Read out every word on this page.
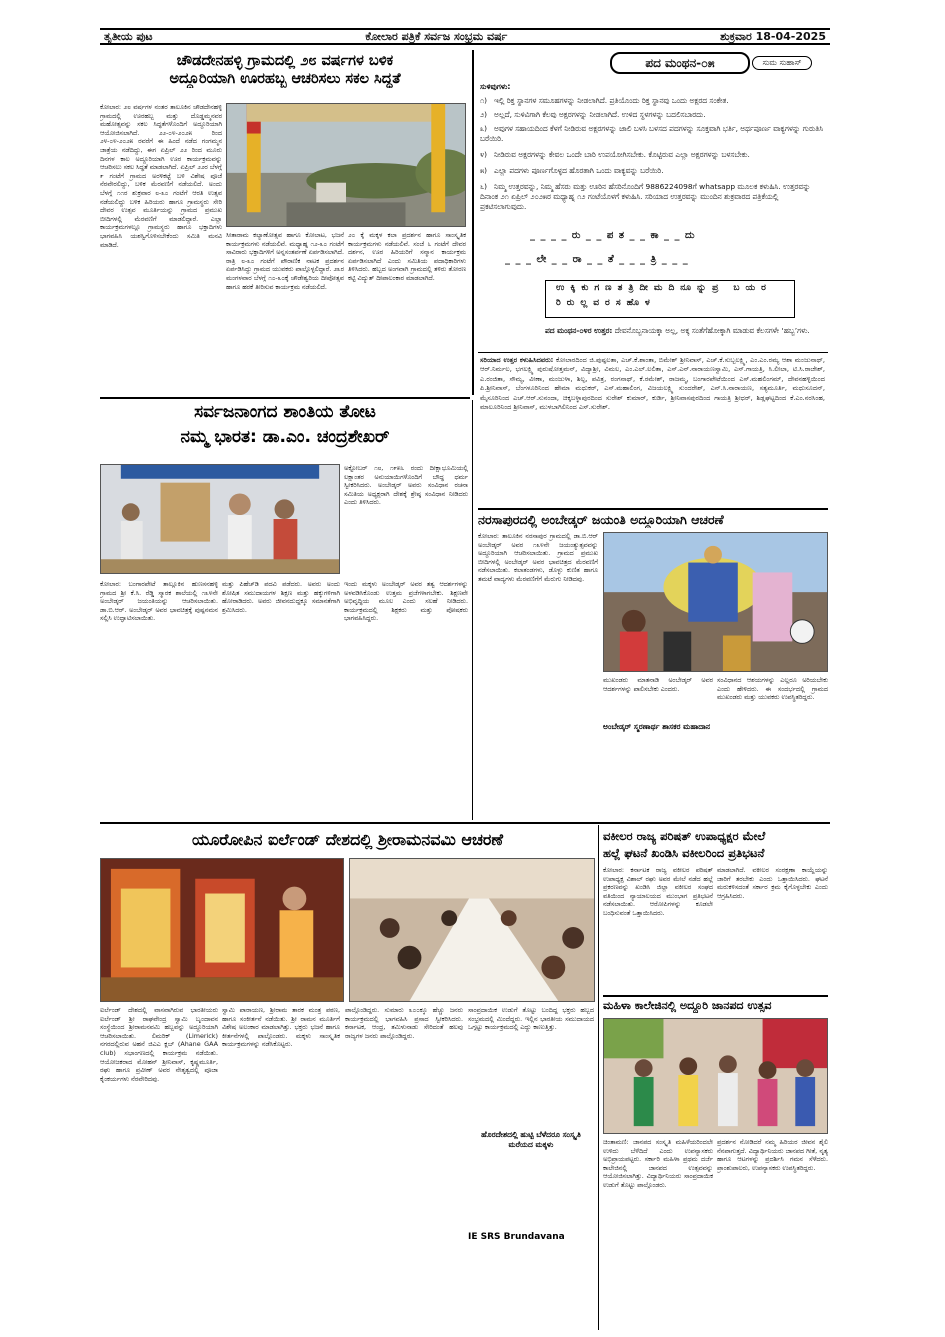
ತೃತೀಯ ಪುಟ	ಕೋಲಾರ ಪತ್ರಿಕೆ ಸರ್ವಜ ಸಂಭ್ರಮ ವರ್ಷ	ಶುಕ್ರವಾರ 18-04-2025
ಚೌಡದೇನಹಳ್ಳಿ ಗ್ರಾಮದಲ್ಲಿ ೨೮ ವರ್ಷಗಳ ಬಳಿಕ
ಅದ್ದೂರಿಯಾಗಿ ಊರಹಬ್ಬ ಆಚರಿಸಲು ಸಕಲ ಸಿದ್ಧತೆ
ಕೋಲಾರ: ೨೮ ವರ್ಷಗಳ ನಂತರ ತಾಲೂಕಿನ ಚೌಡದೇನಹಳ್ಳಿ ಗ್ರಾಮದಲ್ಲಿ ಊರಹಬ್ಬ ಮತ್ತು ದೊಡ್ಡಮ್ಮನವರ ಮಹೋತ್ಸವನ್ನು ಸಕಲ ಸಿದ್ಧತೆಗಳೊಂದಿಗೆ ಅದ್ದೂರಿಯಾಗಿ ಆಯೋಜಿಸಲಾಗಿದೆ. ೨೨-೦೪-೨೦೨೫ ರಿಂದ ೨೪-೦೪-೨೦೨೫ ರವರೆಗೆ ಈ ಹಿಂದೆ ನಡೆದ ಗಂಗಮ್ಮನ ಜಾತ್ರೆಯ ನಡೆದಿದ್ದು, ಈಗ ಏಪ್ರಿಲ್ ೨೨ ರಿಂದ ಮೂರು ದಿನಗಳ ಕಾಲ ಅದ್ದೂರಿಯಾಗಿ ಊರ ಕಾರ್ಯಕ್ರಮವನ್ನು ಆಚರಿಸಲು ಸಕಲ ಸಿದ್ಧತೆ ಮಾಡಲಾಗಿದೆ. ಏಪ್ರಿಲ್ ೨೨ರ ಬೆಳಗ್ಗೆ ೯ ಗಂಟೆಗೆ ಗ್ರಾಮದ ಅರಳಿಕಟ್ಟೆ ಬಳಿ ವಿಶೇಷ ಪೂಜೆ ನೆರವೇರಲಿದ್ದು, ಬಳಿಕ ಮೆರವಣಿಗೆ ನಡೆಯಲಿದೆ. ಅಂದು ಬೆಳಗ್ಗೆ ೧೧ರ ಶುಕ್ರವಾರ ೮-೩೦ ಗಂಟೆಗೆ ಆರತಿ ಉತ್ಸವ ನಡೆಯಲಿದ್ದು ಬಳಿಕ ಹಿರಿಯರು ಹಾಗೂ ಗ್ರಾಮಸ್ಥರು ಸೇರಿ ದೇವರ ಉತ್ಸವ ಮೂರ್ತಿಯನ್ನು ಗ್ರಾಮದ ಪ್ರಮುಖ ಬೀದಿಗಳಲ್ಲಿ ಮೆರವಣಿಗೆ ಮಾಡಲಿದ್ದಾರೆ. ಎಲ್ಲಾ ಕಾರ್ಯಕ್ರಮಗಳಲ್ಲೂ ಗ್ರಾಮಸ್ಥರು ಹಾಗೂ ಭಕ್ತಾದಿಗಳು ಭಾಗವಹಿಸಿ ಯಶಸ್ವಿಗೊಳಿಸಬೇಕೆಂದು ಸಮಿತಿ ಮನವಿ ಮಾಡಿದೆ.
ಸೀತಾರಾಮ ಕಲ್ಯಾಣೋತ್ಸವ ಹಾಗೂ ಕೋಲಾಟ, ಭಜನೆ ಕಾರ್ಯಕ್ರಮಗಳು ನಡೆಯಲಿವೆ. ಮಧ್ಯಾಹ್ನ ೧೨-೩೦ ಗಂಟೆಗೆ ಸಾವಿರಾರು ಭಕ್ತಾದಿಗಳಿಗೆ ಅನ್ನಸಂತರ್ಪಣೆ ಏರ್ಪಡಿಸಲಾಗಿದೆ. ರಾತ್ರಿ ೮-೩೦ ಗಂಟೆಗೆ ಪೌರಾಣಿಕ ನಾಟಕ ಪ್ರದರ್ಶನ ಏರ್ಪಡಿಸಿದ್ದು ಗ್ರಾಮದ ಯುವಕರು ಪಾಲ್ಗೊಳ್ಳಲಿದ್ದಾರೆ. ೨೩ರ ಮಂಗಳವಾರ ಬೆಳಗ್ಗೆ ೧೦-೩೦ಕ್ಕೆ ಚೌಡೇಶ್ವರಿಯ ದೀಪೋತ್ಸವ ಹಾಗೂ ಹರಕೆ ತೀರಿಸುವ ಕಾರ್ಯಕ್ರಮ ನಡೆಯಲಿದೆ.
೨೦ ಕ್ಕೆ ಮಕ್ಕಳ ಕಲಾ ಪ್ರದರ್ಶನ ಹಾಗೂ ಸಾಂಸ್ಕೃತಿಕ ಕಾರ್ಯಕ್ರಮಗಳು ನಡೆಯಲಿವೆ. ಸಂಜೆ ೬ ಗಂಟೆಗೆ ದೇವರ ದರ್ಶನ, ಊರ ಹಿರಿಯರಿಗೆ ಸನ್ಮಾನ ಕಾರ್ಯಕ್ರಮ ಏರ್ಪಡಿಸಲಾಗಿದೆ ಎಂದು ಸಮಿತಿಯ ಪದಾಧಿಕಾರಿಗಳು ತಿಳಿಸಿದರು. ಹಬ್ಬದ ಅಂಗವಾಗಿ ಗ್ರಾಮದಲ್ಲಿ ತಳಿರು ತೋರಣ ಕಟ್ಟಿ ವಿದ್ಯುತ್ ದೀಪಾಲಂಕಾರ ಮಾಡಲಾಗಿದೆ.
ಸರ್ವಜನಾಂಗದ ಶಾಂತಿಯ ತೋಟ
ನಮ್ಮ ಭಾರತ: ಡಾ.ಎಂ. ಚಂದ್ರಶೇಖರ್
ಅಕ್ಟೋಬರ್ ೧೮, ೧೯೫೬ ರಂದು ದೀಕ್ಷಾಭೂಮಿಯಲ್ಲಿ ಲಕ್ಷಾಂತರ ಅನುಯಾಯಿಗಳೊಂದಿಗೆ ಬೌದ್ಧ ಧರ್ಮ ಸ್ವೀಕರಿಸಿದರು. ಅಂಬೇಡ್ಕರ್ ಅವರು ಸಂವಿಧಾನ ರಚನಾ ಸಮಿತಿಯ ಅಧ್ಯಕ್ಷರಾಗಿ ದೇಶಕ್ಕೆ ಶ್ರೇಷ್ಠ ಸಂವಿಧಾನ ನೀಡಿದರು ಎಂದು ತಿಳಿಸಿದರು.
ಕೋಲಾರ: ಬಂಗಾರಪೇಟೆ ತಾಲ್ಲೂಕಿನ ಹುಣಸನಹಳ್ಳಿ ಗ್ರಾಮದ ಶ್ರೀ ಕೆ.ಸಿ. ರೆಡ್ಡಿ ಸ್ಮಾರಕ ಶಾಲೆಯಲ್ಲಿ ೧೩೪ನೇ ಅಂಬೇಡ್ಕರ್ ಜಯಂತಿಯನ್ನು ಆಚರಿಸಲಾಯಿತು. ಡಾ.ಬಿ.ಆರ್. ಅಂಬೇಡ್ಕರ್ ಅವರ ಭಾವಚಿತ್ರಕ್ಕೆ ಪುಷ್ಪನಮನ ಸಲ್ಲಿಸಿ ಉದ್ಘಾಟಿಸಲಾಯಿತು.
ಮತ್ತು ಪಿಹೆಚ್‌ಡಿ ಪದವಿ ಪಡೆದರು. ಅವರು ಅಂದು ಶೋಷಿತ ಸಮುದಾಯಗಳ ಶಿಕ್ಷಣ ಮತ್ತು ಹಕ್ಕುಗಳಿಗಾಗಿ ಹೋರಾಡಿದರು. ಅವರು ಜೀವನದುದ್ದಕ್ಕೂ ಸಮಾನತೆಗಾಗಿ ಶ್ರಮಿಸಿದರು.
ಇಂದು ಮಕ್ಕಳು ಅಂಬೇಡ್ಕರ್ ಅವರ ತತ್ವ ಆದರ್ಶಗಳನ್ನು ಅಳವಡಿಸಿಕೊಂಡು ಉತ್ತಮ ಪ್ರಜೆಗಳಾಗಬೇಕು. ಶಿಕ್ಷಣವೇ ಅಭಿವೃದ್ಧಿಯ ಮೂಲ ಎಂದು ಸಲಹೆ ನೀಡಿದರು. ಕಾರ್ಯಕ್ರಮದಲ್ಲಿ ಶಿಕ್ಷಕರು ಮತ್ತು ಪೋಷಕರು ಭಾಗವಹಿಸಿದ್ದರು.
ಪದ ಮಂಥನ-೦೫	ಸುಮ ಸುಹಾಸ್
ಸುಳಿವುಗಳು:
೧) ಇಲ್ಲಿ ರಿಕ್ತ ಸ್ಥಾನಗಳ ಸಮೂಹಗಳನ್ನು ನೀಡಲಾಗಿದೆ. ಪ್ರತಿಯೊಂದು ರಿಕ್ತ ಸ್ಥಾನವು ಒಂದು ಅಕ್ಷರದ ಸಂಕೇತ.
೨) ಅಲ್ಲದೆ, ಸುಳಿವಿಗಾಗಿ ಕೆಲವು ಅಕ್ಷರಗಳನ್ನು ನೀಡಲಾಗಿದೆ. ಉಳಿದ ಸ್ಥಳಗಳನ್ನು ಬದಲಿಸಬಾರದು.
೩) ಅವುಗಳ ಸಹಾಯದಿಂದ ಕೆಳಗೆ ನೀಡಿರುವ ಅಕ್ಷರಗಳನ್ನು ಜಾಲಿ ಬಳಸಿ ಬಳಸದ ಪದಗಳನ್ನು ಸೂಕ್ತವಾಗಿ ಭರ್ತಿ, ಅರ್ಥಪೂರ್ಣ ವಾಕ್ಯಗಳನ್ನು ಗುರುತಿಸಿ ಬರೆಯಿರಿ.
೪) ನೀಡಿರುವ ಅಕ್ಷರಗಳನ್ನು ಕೇವಲ ಒಂದೇ ಬಾರಿ ಉಪಯೋಗಿಸಬೇಕು. ಕೊಟ್ಟಿರುವ ಎಲ್ಲಾ ಅಕ್ಷರಗಳನ್ನು ಬಳಸಬೇಕು.
೫) ಎಲ್ಲಾ ಪದಗಳು ಪೂರ್ಣಗೊಳ್ಳದ ಹೊರತಾಗಿ ಒಂದು ವಾಕ್ಯವನ್ನು ಬರೆಯಿರಿ.
೬) ನಿಮ್ಮ ಉತ್ತರವನ್ನು, ನಿಮ್ಮ ಹೆಸರು ಮತ್ತು ಊರಿನ ಹೆಸರಿನೊಂದಿಗೆ 9886224098ಗೆ whatsapp ಮೂಲಕ ಕಳುಹಿಸಿ. ಉತ್ತರವನ್ನು ದಿನಾಂಕ ೨೧ ಏಪ್ರಿಲ್ ೨೦೨೫ರ ಮಧ್ಯಾಹ್ನ ೧೨ ಗಂಟೆಯೊಳಗೆ ಕಳುಹಿಸಿ. ಸರಿಯಾದ ಉತ್ತರವನ್ನು ಮುಂದಿನ ಶುಕ್ರವಾರದ ಪತ್ರಿಕೆಯಲ್ಲಿ ಪ್ರಕಟಿಸಲಾಗುವುದು.
_ _ _ _ ರು _ _ ಪ ತ _ _ ಕಾ _ _ ದು
_ _ _ ಲೇ _ _ ರಾ _ _ ತೆ _ _ _ ತ್ರಿ _ _ _
ಉಕ್ಕಿಕುಗಣತತ್ರಿದೀಮದಿನೂನ್ನುಪ್ರ ಬಯರರಿರುಲ್ಲವರಸಹೊಳ
ಪದ ಮಂಥನ-೦೪ರ ಉತ್ತರ: ದೇವನೊಬ್ಬನಾಯಕ್ಕಾ ಅಲ್ಲ, ಅಕ್ಕ ಸಂತೆಗೆಹೋಕ್ಕಾಗಿ ಮಾಡುವ ಕೆಲಸಗಳೇ ‘ಹಬ್ಬ’ಗಳು.
ಸರಿಯಾದ ಉತ್ತರ ಕಳುಹಿಸಿದವರು: ಕೋಲಾರದಿಂದ ಜಿ.ಪುಷ್ಪಲತಾ, ಎಚ್.ಕೆ.ಶಾಂತಾ, ಬಿಮೇಶ್ ಶ್ರೀನಿವಾಸ್, ಎಚ್.ಕೆ.ಸುಬ್ಬಲಕ್ಷ್ಮಿ, ಎಂ.ಎಂ.ರಮ್ಯ ಆಶಾ ಮಂಜುನಾಥ್, ಆರ್.ನಿರ್ಮಲ, ಭಗಲಕ್ಷ್ಮಿ ಪುರುಷೋತ್ತಮನ್, ವಿದ್ಯಾಶ್ರೀ, ವಿಮಲ, ಎಂ.ಎಲ್.ಲಲಿತಾ, ಎಸ್.ಎನ್.ನಾರಾಯಣಸ್ವಾಮಿ, ಎಸ್.ಗಾಯತ್ರಿ, ಸಿ.ಲೀಲಾ, ಟಿ.ಸಿ.ರಾಜೇಶ್, ಎ.ರಂಜಿತಾ, ಸೌಮ್ಯ, ವೀಣಾ, ಮಂಜುಳಾ, ಶಿಲ್ಪ, ಪವಿತ್ರ, ರಂಗನಾಥ್, ಕೆ.ರಮೇಶ್, ರಾಜಮ್ಮ, ಬಂಗಾರಪೇಟೆಯಿಂದ ಎಸ್.ಮಹಲಿಂಗಮ್, ದೇವನಹಳ್ಳಿಯಿಂದ ಪಿ.ಶ್ರೀನಿವಾಸ್, ಬೆಂಗಳೂರಿನಿಂದ ಹೇಮಾ ಮಧುಕರ್, ಎಸ್.ಮಹಾಲಿಂಗ, ವಿಜಯಲಕ್ಷ್ಮಿ ಸುಂದರೇಶ್, ಎನ್.ಸಿ.ನಾರಾಯಣ, ಸತ್ಯಮೂರ್ತಿ, ಮಧುಸೂದನ್, ಮೈಸೂರಿನಿಂದ ಎಚ್.ಆರ್.ಸುನಂದಾ, ಚಿಕ್ಕಬಳ್ಳಾಪುರದಿಂದ ಸುರೇಶ್ ಕುಮಾರ್, ಕುರ್ಡಿ, ಶ್ರೀನಿವಾಸಪುರದಿಂದ ಗಾಯತ್ರಿ ಶ್ರೀಧರ್, ಶಿಡ್ಲಘಟ್ಟದಿಂದ ಕೆ.ಎಂ.ನರಸಿಂಹ, ಮಾಲೂರಿನಿಂದ ಶ್ರೀನಿವಾಸ್, ಮುಳಬಾಗಿಲಿನಿಂದ ಎಸ್.ಸುರೇಶ್.
ನರಸಾಪುರದಲ್ಲಿ ಅಂಬೇಡ್ಕರ್ ಜಯಂತಿ ಅದ್ದೂರಿಯಾಗಿ ಆಚರಣೆ
ಕೋಲಾರ: ತಾಲೂಕಿನ ನರಸಾಪುರ ಗ್ರಾಮದಲ್ಲಿ ಡಾ.ಬಿ.ಆರ್ ಅಂಬೇಡ್ಕರ್ ಅವರ ೧೩೪ನೇ ಜಯಂತ್ಯುತ್ಸವವನ್ನು ಅದ್ದೂರಿಯಾಗಿ ಆಚರಿಸಲಾಯಿತು. ಗ್ರಾಮದ ಪ್ರಮುಖ ಬೀದಿಗಳಲ್ಲಿ ಅಂಬೇಡ್ಕರ್ ಅವರ ಭಾವಚಿತ್ರದ ಮೆರವಣಿಗೆ ನಡೆಸಲಾಯಿತು. ಕಲಾತಂಡಗಳು, ಡೊಳ್ಳು ಕುಣಿತ ಹಾಗೂ ತಮಟೆ ವಾದ್ಯಗಳು ಮೆರವಣಿಗೆಗೆ ಮೆರುಗು ನೀಡಿದವು.
ಮುಖಂಡರು ಮಾತನಾಡಿ ಅಂಬೇಡ್ಕರ್ ಅವರ ಆದರ್ಶಗಳನ್ನು ಪಾಲಿಸಬೇಕು ಎಂದರು.
ಸಂವಿಧಾನದ ಆಶಯಗಳನ್ನು ಎಲ್ಲರೂ ಅರಿಯಬೇಕು ಎಂದು ಹೇಳಿದರು. ಈ ಸಂದರ್ಭದಲ್ಲಿ ಗ್ರಾಮದ ಮುಖಂಡರು ಮತ್ತು ಯುವಕರು ಉಪಸ್ಥಿತರಿದ್ದರು.
ಅಂಬೇಡ್ಕರ್ ಸ್ಮರಣಾರ್ಥ ಶಾಸಕರ ಮಹಾದಾನ
ಯೂರೋಪಿನ ಐರ್ಲೆಂಡ್ ದೇಶದಲ್ಲಿ ಶ್ರೀರಾಮನವಮಿ ಆಚರಣೆ
ಐರ್ಲೆಂಡ್ ದೇಶದಲ್ಲಿ ವಾಸವಾಗಿರುವ ಭಾರತೀಯರು ಐರ್ಲೆಂಡ್ ಶ್ರೀ ರಾಘವೇಂದ್ರ ಸ್ವಾಮಿ ಬೃಂದಾವನ ಸಂಸ್ಥೆಯಿಂದ ಶ್ರೀರಾಮನವಮಿ ಹಬ್ಬವನ್ನು ಅದ್ದೂರಿಯಾಗಿ ಆಚರಿಸಲಾಯಿತು. ಲಿಮರಿಕ್ (Limerick) ನಗರದಲ್ಲಿರುವ ಅಹನೆ ಜಿಎಎ ಕ್ಲಬ್ (Ahane GAA club) ಸಭಾಂಗಣದಲ್ಲಿ ಕಾರ್ಯಕ್ರಮ ನಡೆಯಿತು. ಆಯೋಜಕರಾದ ಮೋಹನ್ ಶ್ರೀನಿವಾಸ್, ಕೃಷ್ಣಮೂರ್ತಿ, ರಘು ಹಾಗೂ ಪ್ರವೀಣ್ ಅವರ ನೇತೃತ್ವದಲ್ಲಿ ಪೂಜಾ ಕೈಂಕರ್ಯಗಳು ನೆರವೇರಿದವು.
ಸ್ವಾಮಿ ಪಾರಾಯಣ, ಶ್ರೀರಾಮ ತಾರಕ ಮಂತ್ರ ಪಠಣ, ಹಾಗೂ ಸಂಕೀರ್ತನೆ ನಡೆಯಿತು. ಶ್ರೀ ರಾಮನ ಮೂರ್ತಿಗೆ ವಿಶೇಷ ಅಲಂಕಾರ ಮಾಡಲಾಗಿತ್ತು. ಭಕ್ತರು ಭಜನೆ ಹಾಗೂ ಕೀರ್ತನೆಗಳಲ್ಲಿ ಪಾಲ್ಗೊಂಡರು. ಮಕ್ಕಳು ಸಾಂಸ್ಕೃತಿಕ ಕಾರ್ಯಕ್ರಮಗಳನ್ನು ನಡೆಸಿಕೊಟ್ಟರು.
ಪಾಲ್ಗೊಂಡಿದ್ದರು. ಸುಮಾರು ೩೦೦ಕ್ಕೂ ಹೆಚ್ಚು ಜನರು ಕಾರ್ಯಕ್ರಮದಲ್ಲಿ ಭಾಗವಹಿಸಿ ಪ್ರಸಾದ ಸ್ವೀಕರಿಸಿದರು. ಕರ್ನಾಟಕ, ಆಂಧ್ರ, ತಮಿಳುನಾಡು ಸೇರಿದಂತೆ ಹಲವು ರಾಜ್ಯಗಳ ಜನರು ಪಾಲ್ಗೊಂಡಿದ್ದರು.
ಸಾಂಪ್ರದಾಯಿಕ ಉಡುಗೆ ತೊಟ್ಟು ಬಂದಿದ್ದ ಭಕ್ತರು ಹಬ್ಬದ ಸಂಭ್ರಮದಲ್ಲಿ ಮಿಂದೆದ್ದರು. ಇಲ್ಲಿನ ಭಾರತೀಯ ಸಮುದಾಯದ ಒಗ್ಗಟ್ಟು ಕಾರ್ಯಕ್ರಮದಲ್ಲಿ ಎದ್ದು ಕಾಣುತ್ತಿತ್ತು.
ಹೊರದೇಶದಲ್ಲಿ ಹುಟ್ಟಿ ಬೆಳೆದರೂ ಸಂಸ್ಕೃತಿ ಮರೆಯದ ಮಕ್ಕಳು
IE SRS Brundavana
ವಕೀಲರ ರಾಜ್ಯ ಪರಿಷತ್ ಉಪಾಧ್ಯಕ್ಷರ ಮೇಲೆ
ಹಲ್ಲೆ ಘಟನೆ ಖಂಡಿಸಿ ವಕೀಲರಿಂದ ಪ್ರತಿಭಟನೆ
ಕೋಲಾರ: ಕರ್ನಾಟಕ ರಾಜ್ಯ ವಕೀಲರ ಪರಿಷತ್ ಉಪಾಧ್ಯಕ್ಷ ವಿಶಾಲ್ ರಘು ಅವರ ಮೇಲೆ ನಡೆದ ಹಲ್ಲೆ ಪ್ರಕರಣವನ್ನು ಖಂಡಿಸಿ ಜಿಲ್ಲಾ ವಕೀಲರ ಸಂಘದ ವತಿಯಿಂದ ನ್ಯಾಯಾಲಯದ ಮುಂಭಾಗ ಪ್ರತಿಭಟನೆ ನಡೆಸಲಾಯಿತು. ಆರೋಪಿಗಳನ್ನು ಕೂಡಲೇ ಬಂಧಿಸುವಂತೆ ಒತ್ತಾಯಿಸಿದರು.
ಮಾಡಲಾಗಿದೆ. ವಕೀಲರ ಸಂರಕ್ಷಣಾ ಕಾಯ್ದೆಯನ್ನು ಜಾರಿಗೆ ತರಬೇಕು ಎಂದು ಒತ್ತಾಯಿಸಿದರು. ಘಟನೆ ಮರುಕಳಿಸದಂತೆ ಸರ್ಕಾರ ಕ್ರಮ ಕೈಗೊಳ್ಳಬೇಕು ಎಂದು ಆಗ್ರಹಿಸಿದರು.
ಮಹಿಳಾ ಕಾಲೇಜಿನಲ್ಲಿ ಅದ್ದೂರಿ ಜಾನಪದ ಉತ್ಸವ
ಚಿಂತಾಮಣಿ: ಜಾನಪದ ಸಂಸ್ಕೃತಿ ಮಹಿಳೆಯರಿಂದಲೇ ಉಳಿದು ಬೆಳೆದಿದೆ ಎಂದು ಉಪನ್ಯಾಸಕರು ಅಭಿಪ್ರಾಯಪಟ್ಟರು. ಸರ್ಕಾರಿ ಮಹಿಳಾ ಪ್ರಥಮ ದರ್ಜೆ ಕಾಲೇಜಿನಲ್ಲಿ ಜಾನಪದ ಉತ್ಸವವನ್ನು ಆಯೋಜಿಸಲಾಗಿತ್ತು. ವಿದ್ಯಾರ್ಥಿನಿಯರು ಸಾಂಪ್ರದಾಯಿಕ ಉಡುಗೆ ತೊಟ್ಟು ಪಾಲ್ಗೊಂಡರು.
ಪ್ರದರ್ಶನ ನೋಡಿದರೆ ನಮ್ಮ ಹಿರಿಯರ ಜೀವನ ಶೈಲಿ ನೆನಪಾಗುತ್ತದೆ. ವಿದ್ಯಾರ್ಥಿನಿಯರು ಜಾನಪದ ಗೀತೆ, ನೃತ್ಯ ಹಾಗೂ ಆಟಗಳನ್ನು ಪ್ರದರ್ಶಿಸಿ ಗಮನ ಸೆಳೆದರು. ಪ್ರಾಂಶುಪಾಲರು, ಉಪನ್ಯಾಸಕರು ಉಪಸ್ಥಿತರಿದ್ದರು.
